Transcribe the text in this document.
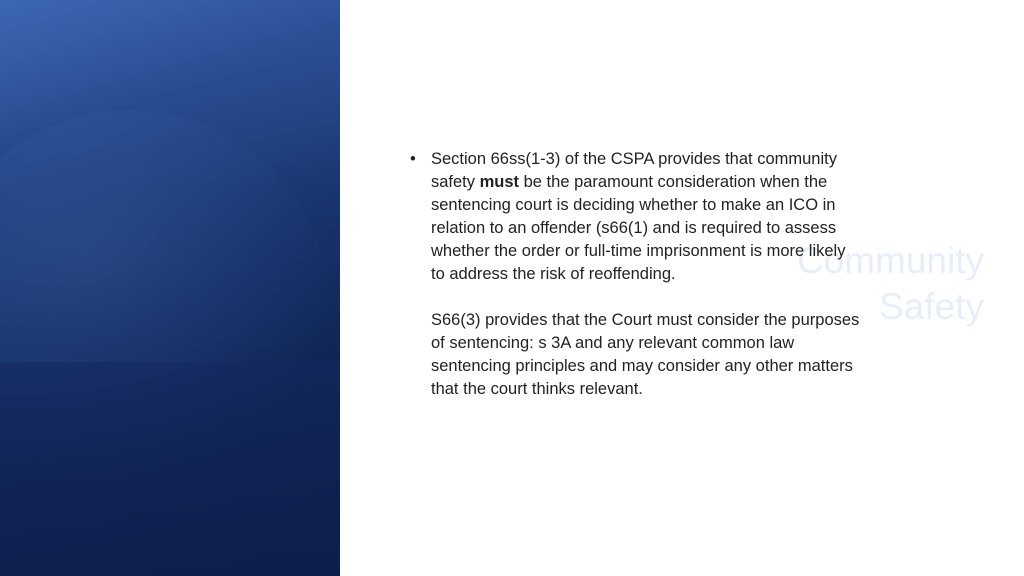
Community
Safety
• Section 66ss(1-3) of the CSPA provides that community
safety must be the paramount consideration when the
sentencing court is deciding whether to make an ICO in
relation to an offender (s66(1) and is required to assess
whether the order or full-time imprisonment is more likely
to address the risk of reoffending.

S66(3) provides that the Court must consider the purposes
of sentencing: s 3A and any relevant common law
sentencing principles and may consider any other matters
that the court thinks relevant.
